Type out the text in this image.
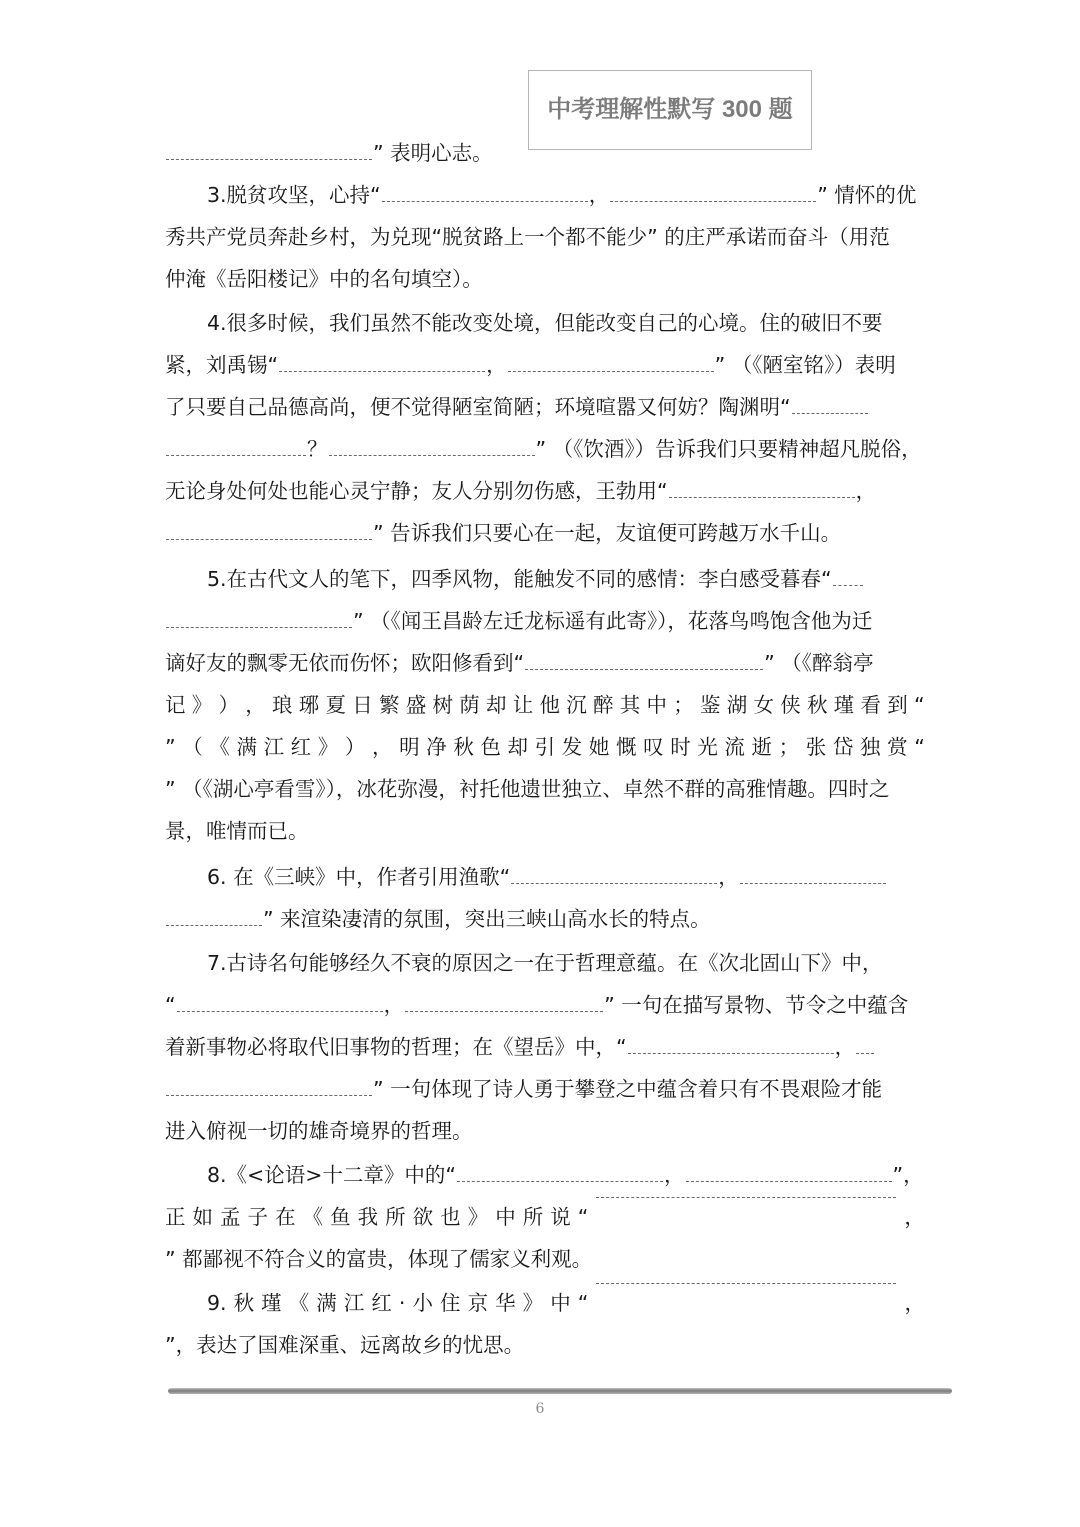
中考理解性默写 300 题
” 表明心志。
3.脱贫攻坚，心持“	，	” 情怀的优
秀共产党员奔赴乡村，为兑现“脱贫路上一个都不能少” 的庄严承诺而奋斗（用范
仲淹《岳阳楼记》中的名句填空）。
4.很多时候，我们虽然不能改变处境，但能改变自己的心境。住的破旧不要
紧，刘禹锡“	，	” （《陋室铭》）表明
了只要自己品德高尚，便不觉得陋室简陋；环境喧嚣又何妨？陶渊明“
？	” （《饮酒》）告诉我们只要精神超凡脱俗，
无论身处何处也能心灵宁静；友人分别勿伤感，王勃用“	，
” 告诉我们只要心在一起，友谊便可跨越万水千山。
5.在古代文人的笔下，四季风物，能触发不同的感情：李白感受暮春“
” （《闻王昌龄左迁龙标遥有此寄》），花落鸟鸣饱含他为迁
谪好友的飘零无依而伤怀；欧阳修看到“	” （《醉翁亭
记 》 ） ， 琅 琊 夏 日 繁 盛 树 荫 却 让 他 沉 醉 其 中 ； 鉴 湖 女 侠 秋 瑾 看 到 “
” （ 《 满 江 红 》 ） ， 明 净 秋 色 却 引 发 她 慨 叹 时 光 流 逝 ； 张 岱 独 赏 “
” （《湖心亭看雪》），冰花弥漫，衬托他遗世独立、卓然不群的高雅情趣。四时之
景，唯情而已。
6. 在《三峡》中，作者引用渔歌“	，
” 来渲染凄清的氛围，突出三峡山高水长的特点。
7.古诗名句能够经久不衰的原因之一在于哲理意蕴。在《次北固山下》中，
“	，	” 一句在描写景物、节令之中蕴含
着新事物必将取代旧事物的哲理；在《望岳》中，“	，
” 一句体现了诗人勇于攀登之中蕴含着只有不畏艰险才能
进入俯视一切的雄奇境界的哲理。
8.《<论语>十二章》中的“	，	”，
正 如 孟 子 在 《 鱼 我 所 欲 也 》 中 所 说 “	，
” 都鄙视不符合义的富贵，体现了儒家义利观。
9. 秋 瑾 《 满 江 红 · 小 住 京 华 》 中 “	，
”，表达了国难深重、远离故乡的忧思。
6
